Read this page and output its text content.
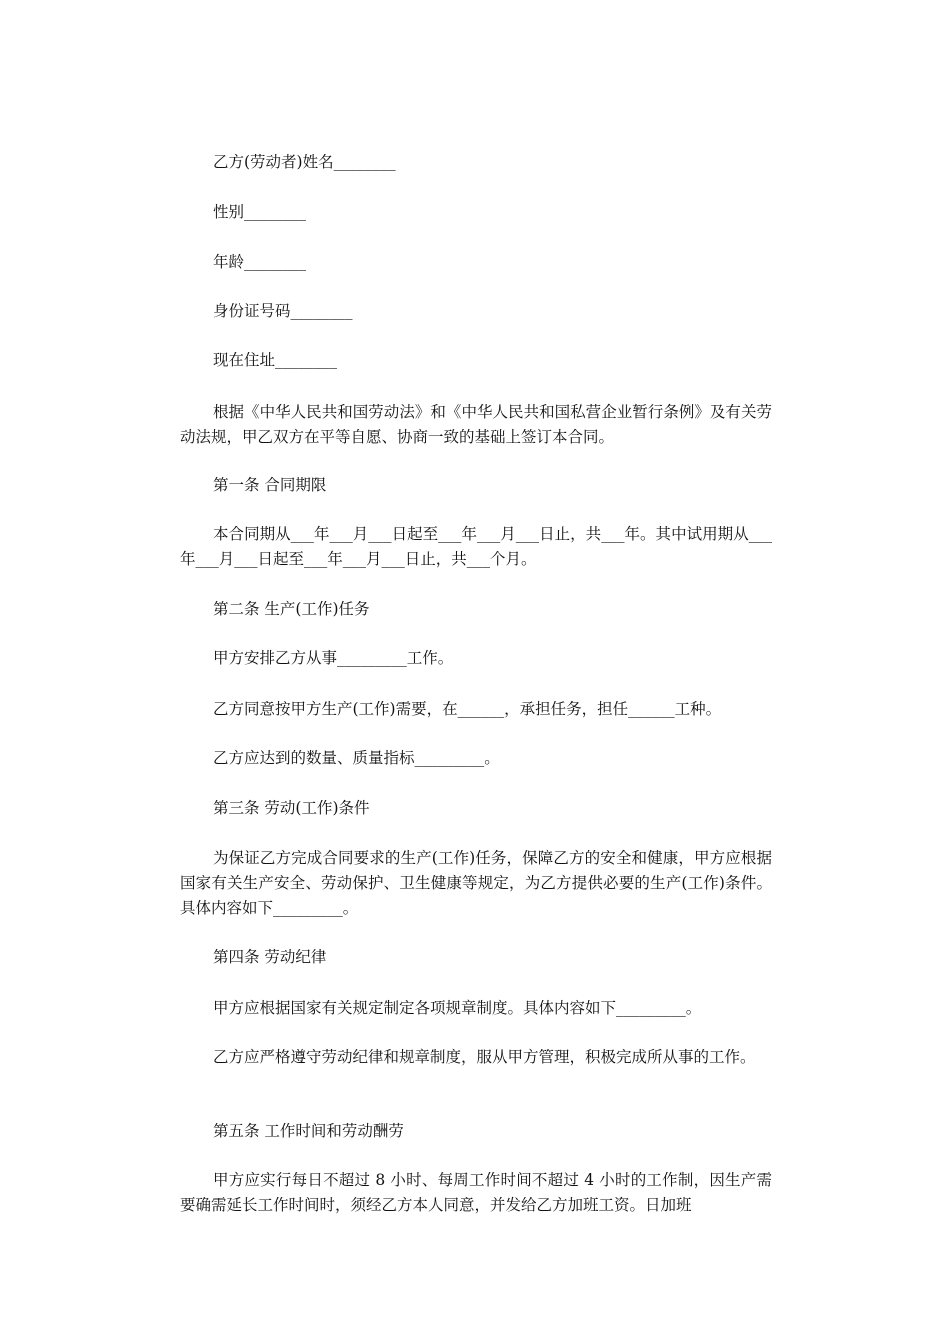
乙方(劳动者)姓名________

性别________

年龄________

身份证号码________

现在住址________

根据《中华人民共和国劳动法》和《中华人民共和国私营企业暂行条例》及有关劳动法规，甲乙双方在平等自愿、协商一致的基础上签订本合同。

第一条 合同期限

本合同期从___年___月___日起至___年___月___日止，共___年。其中试用期从___年___月___日起至___年___月___日止，共___个月。

第二条 生产(工作)任务

甲方安排乙方从事_________工作。

乙方同意按甲方生产(工作)需要，在______，承担任务，担任______工种。

乙方应达到的数量、质量指标_________。

第三条 劳动(工作)条件

为保证乙方完成合同要求的生产(工作)任务，保障乙方的安全和健康，甲方应根据国家有关生产安全、劳动保护、卫生健康等规定，为乙方提供必要的生产(工作)条件。具体内容如下_________。

第四条 劳动纪律

甲方应根据国家有关规定制定各项规章制度。具体内容如下_________。

乙方应严格遵守劳动纪律和规章制度，服从甲方管理，积极完成所从事的工作。

第五条 工作时间和劳动酬劳

甲方应实行每日不超过 8 小时、每周工作时间不超过 4 小时的工作制，因生产需要确需延长工作时间时，须经乙方本人同意，并发给乙方加班工资。日加班
